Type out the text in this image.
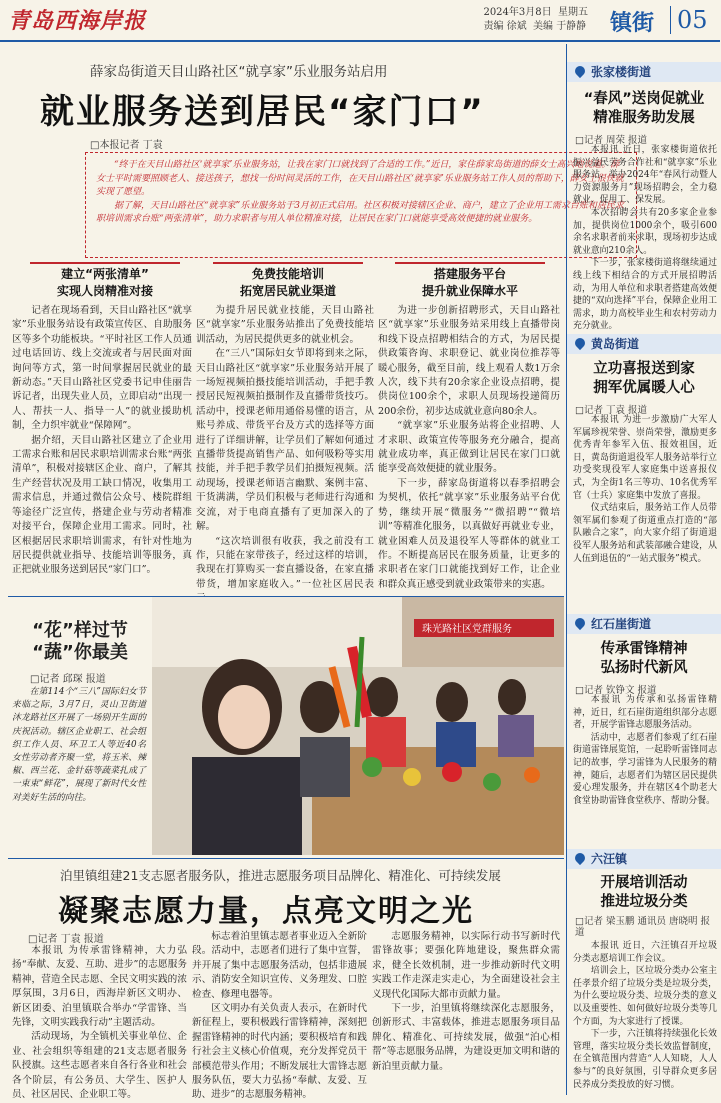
青岛西海岸报	2024年3月8日 星期五
责编 徐斌 美编 于静静 镇街 05
薛家岛街道天目山路社区“就享家”乐业服务站启用
就业服务送到居民“家门口”
□本报记者 丁袁

“终于在天目山路社区‘就享家’乐业服务站，让我在家门口就找到了合适的工作。”近日，家住薛家岛街道的薛女士高兴地说道。薛女士平时需要照顾老人、接送孩子，想找一份时间灵活的工作，在天目山路社区‘就享家’乐业服务站工作人员的帮助下，薛女士很快就实现了愿望。

据了解，天目山路社区“就享家”乐业服务站于3月初正式启用。社区积极对接辖区企业、商户，建立了企业用工需求台账和居民求职培训需求台账“两张清单”，助力求职者与用人单位精准对接，让居民在家门口就能享受高效便捷的就业服务。

建立“两张清单”
实现人岗精准对接
免费技能培训
拓宽居民就业渠道
搭建服务平台
提升就业保障水平

记者在现场看到，天目山路社区“就享家”乐业服务站设有政策宣传区、自助服务区等多个功能板块。“平时社区工作人员通过电话回访、线上交流或者与居民面对面询问等方式，第一时间掌握居民就业的最新动态。”天目山路社区党委书记申佳丽告诉记者，出现失业人员，立即启动“出现一人、帮扶一人、指导一人”的就业援助机制，全力织牢就业“保障网”。

据介绍，天目山路社区建立了企业用工需求台账和居民求职培训需求台账“两张清单”，积极对接辖区企业、商户，了解其生产经营状况及用工缺口情况，收集用工需求信息，并通过微信公众号、楼院群组等途径广泛宣传，搭建企业与劳动者精准对接平台，保障企业用工需求。同时，社区根据居民求职培训需求，有针对性地为居民提供就业指导、技能培训等服务，真正把就业服务送到居民“家门口”。

为提升居民就业技能，天目山路社区“就享家”乐业服务站推出了免费技能培训活动，为居民提供更多的就业机会。

在“三八”国际妇女节即将到来之际，天目山路社区“就享家”乐业服务站开展了一场短视频拍摄技能培训活动，手把手教授居民短视频拍摄制作及直播带货技巧。活动中，授课老师用通俗易懂的语言，从账号养成、带货平台及方式的选择等方面进行了详细讲解，让学员们了解如何通过直播带货提高销售产品、如何吸粉等实用技能，并手把手教学员们拍摄短视频。活动现场，授课老师语言幽默、案例丰富、干货满满，学员们积极与老师进行沟通和交流，对于电商直播有了更加深入的了解。

“这次培训很有收获，我之前没有工作，只能在家带孩子，经过这样的培训，我现在打算购买一套直播设备，在家直播带货，增加家庭收入。”一位社区居民表

为进一步创新招聘形式，天目山路社区“就享家”乐业服务站采用线上直播带岗和线下设点招聘相结合的方式，为居民提供政策咨询、求职登记、就业岗位推荐等暖心服务，截至目前，线上观看人数1万余人次，线下共有20余家企业设点招聘，提供岗位100余个，求职人员现场投递简历200余份，初步达成就业意向80余人。

“就享家”乐业服务站将企业招聘、人才求职、政策宣传等服务充分融合，提高就业成功率，真正做到让居民在家门口就能享受高效便捷的就业服务。

下一步，薛家岛街道将以春季招聘会为契机，依托“就享家”乐业服务站平台优势，继续开展“微服务”“微招聘”“微培训”等精准化服务，以真做好再就业专业，就业困难人员及退役军人等群体的就业工作。不断提高居民在服务质量，让更多的求职者在家门口就能找到好工作，让企业和群众真正感受到就业政策带来的实惠。

“花”样过节
“蔬”你最美
□记者 邱琛 报道

在第114个“三八”国际妇女节来临之际，3月7日，灵山卫街道沐龙路社区开展了一场别开生面的庆祝活动。辖区企业职工、社会组织工作人员、环卫工人等近40名女性劳动者齐聚一堂，将玉米、辣椒、西兰花、金针菇等蔬菜扎成了一束束“鲜花”，展现了新时代女性对美好生活的向往。

珠光路社区党群服务
泊里镇组建21支志愿者服务队，推进志愿服务项目品牌化、精准化、可持续发展
凝聚志愿力量，点亮文明之光
□记者 丁袁 报道

本报讯 为传承雷锋精神，大力弘扬“奉献、友爱、互助、进步”的志愿服务精神，营造全民志愿、全民文明实践的浓厚氛围，3月6日，西海岸新区文明办、新区团委、泊里镇联合举办“学雷锋、当先锋，文明实践我行动”主题活动。

活动现场，为全镇机关事业单位、企业、社会组织等组建的21支志愿者服务队授旗。这些志愿者来自各行各业和社会各个阶层，有公务员、大学生、医护人员、社区居民、企业职工等。

标志着泊里镇志愿者事业迈入全新阶段。活动中，志愿者们进行了集中宣誓，并开展了集中志愿服务活动，包括非遗展示、消防安全知识宣传、义务理发、口腔检查、修理电器等。

区文明办有关负责人表示，在新时代新征程上，要积极践行雷锋精神，深刻把握雷锋精神的时代内涵；要积极培育和践行社会主义核心价值观，充分发挥党员干部模范带头作用；不断发展壮大雷锋志愿服务队伍，要大力弘扬“奉献、友爱、互助、进步”的志愿服务精神。

志愿服务精神，以实际行动书写新时代雷锋故事；要强化阵地建设，聚焦群众需求，健全长效机制，进一步推动新时代文明实践工作走深走实走心，为全面建设社会主义现代化国际大都市贡献力量。

下一步，泊里镇将继续深化志愿服务，创新形式、丰富载体，推进志愿服务项目品牌化、精准化、可持续发展，做强“泊心相帮”等志愿服务品牌，为建设更加文明和谐的新泊里贡献力量。

张家楼街道
“春风”送岗促就业
精准服务助发展
□记者 周荣 报道

本报讯 近日，张家楼街道依托振兴益民劳务合作社和“就享家”乐业服务站，举办2024年“春风行动暨人力资源服务月”现场招聘会，全力稳就业、促用工、保发展。

本次招聘会共有20多家企业参加，提供岗位1000余个，吸引600余名求职者前来求职，现场初步达成就业意向210余人。

下一步，张家楼街道将继续通过线上线下相结合的方式开展招聘活动，为用人单位和求职者搭建高效便捷的“双向选择”平台，保障企业用工需求，助力高校毕业生和农村劳动力充分就业。

黄岛街道
立功喜报送到家
拥军优属暖人心
□记者 丁袁 报道

本报讯 为进一步激励广大军人军属珍视荣誉、崇尚荣誉，激励更多优秀青年参军入伍、报效祖国，近日，黄岛街道退役军人服务站举行立功受奖现役军人家庭集中送喜报仪式，为全街1名三等功、10名优秀军官（士兵）家庭集中发放了喜报。

仪式结束后，服务站工作人员带领军属们参观了街道重点打造的“部队融合之家”，向大家介绍了街道退役军人服务站和武装部融合建设，从人伍到退伍的“一站式服务”模式。

红石崖街道
传承雷锋精神
弘扬时代新风
□记者 钦铮文 报道

本报讯 为传承和弘扬雷锋精神，近日，红石崖街道组织部分志愿者，开展学雷锋志愿服务活动。

活动中，志愿者们参观了红石崖街道雷锋展览馆，一起聆听雷锋同志记的故事，学习雷锋为人民服务的精神，随后，志愿者们为辖区居民提供爱心理发服务，并在辖区4个助老大食堂协助雷锋食堂秩序、帮助分餐。

六汪镇
开展培训活动
推进垃圾分类
□记者 梁玉鹏 通讯员 唐晓明 报道

本报讯 近日，六汪镇召开垃圾分类志愿培训工作会议。

培训会上，区垃圾分类办公室主任孝景介绍了垃圾分类是垃圾分类，为什么要垃圾分类、垃圾分类的意义以及重要性、如何做好垃圾分类等几个方面，为大家进行了授课。

下一步，六汪镇将持续强化长效管理，落实垃圾分类长效监督制度，在全镇范围内营造“人人知晓，人人参与”的良好氛围，引导群众更多居民养成分类投放的好习惯。
